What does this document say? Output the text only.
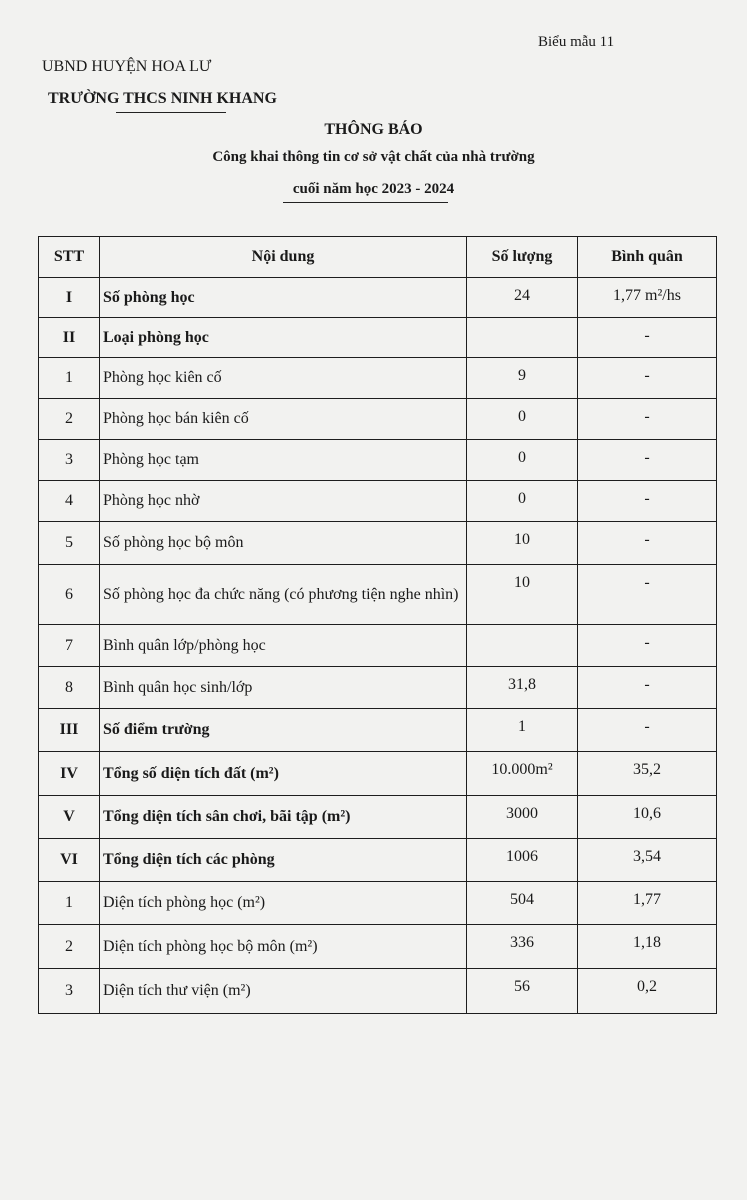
Biểu mẫu 11
UBND HUYỆN HOA LƯ
TRƯỜNG THCS NINH KHANG
THÔNG BÁO
Công khai thông tin cơ sở vật chất của nhà trường
cuối năm học 2023 - 2024
STT	Nội dung	Số lượng	Bình quân
I	Số phòng học	24	1,77 m²/hs
II	Loại phòng học		-
1	Phòng học kiên cố	9	-
2	Phòng học bán kiên cố	0	-
3	Phòng học tạm	0	-
4	Phòng học nhờ	0	-
5	Số phòng học bộ môn	10	-
6	Số phòng học đa chức năng (có phương tiện nghe nhìn)	10	-
7	Bình quân lớp/phòng học		-
8	Bình quân học sinh/lớp	31,8	-
III	Số điểm trường	1	-
IV	Tổng số diện tích đất (m²)	10.000m²	35,2
V	Tổng diện tích sân chơi, bãi tập (m²)	3000	10,6
VI	Tổng diện tích các phòng	1006	3,54
1	Diện tích phòng học (m²)	504	1,77
2	Diện tích phòng học bộ môn (m²)	336	1,18
3	Diện tích thư viện (m²)	56	0,2
